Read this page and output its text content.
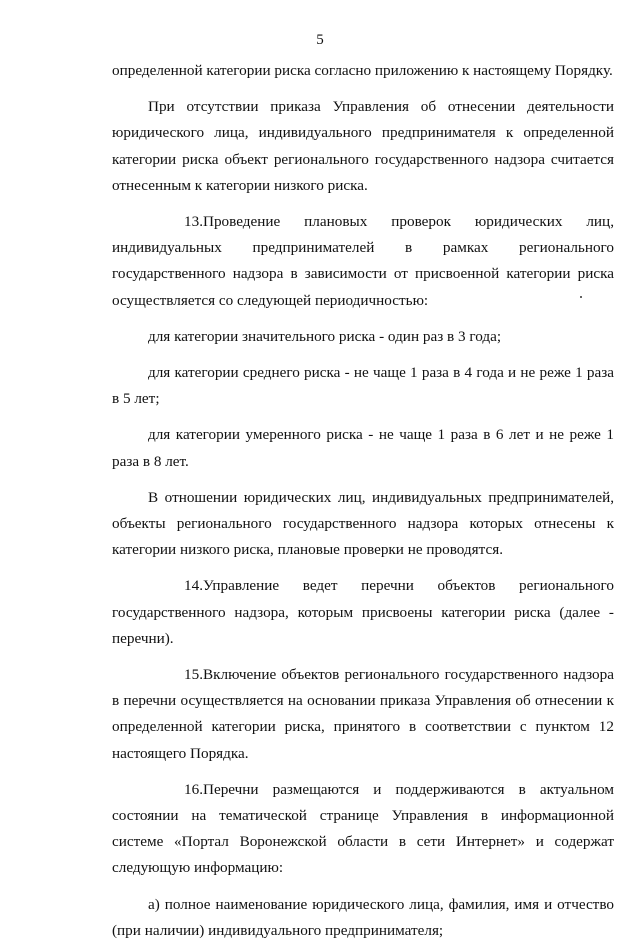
5

определенной категории риска согласно приложению к настоящему Порядку.

При отсутствии приказа Управления об отнесении деятельности юридического лица, индивидуального предпринимателя к определенной категории риска объект регионального государственного надзора считается отнесенным к категории низкого риска.

13.Проведение плановых проверок юридических лиц, индивидуальных предпринимателей в рамках регионального государственного надзора в зависимости от присвоенной категории риска осуществляется со следующей периодичностью:

для категории значительного риска - один раз в 3 года;

для категории среднего риска - не чаще 1 раза в 4 года и не реже 1 раза в 5 лет;

для категории умеренного риска - не чаще 1 раза в 6 лет и не реже 1 раза в 8 лет.

В отношении юридических лиц, индивидуальных предпринимателей, объекты регионального государственного надзора которых отнесены к категории низкого риска, плановые проверки не проводятся.

14.Управление ведет перечни объектов регионального государственного надзора, которым присвоены категории риска (далее - перечни).

15.Включение объектов регионального государственного надзора в перечни осуществляется на основании приказа Управления об отнесении к определенной категории риска, принятого в соответствии с пунктом 12 настоящего Порядка.

16.Перечни размещаются и поддерживаются в актуальном состоянии на тематической странице Управления в информационной системе «Портал Воронежской области в сети Интернет» и содержат следующую информацию:

а) полное наименование юридического лица, фамилия, имя и отчество (при наличии) индивидуального предпринимателя;
